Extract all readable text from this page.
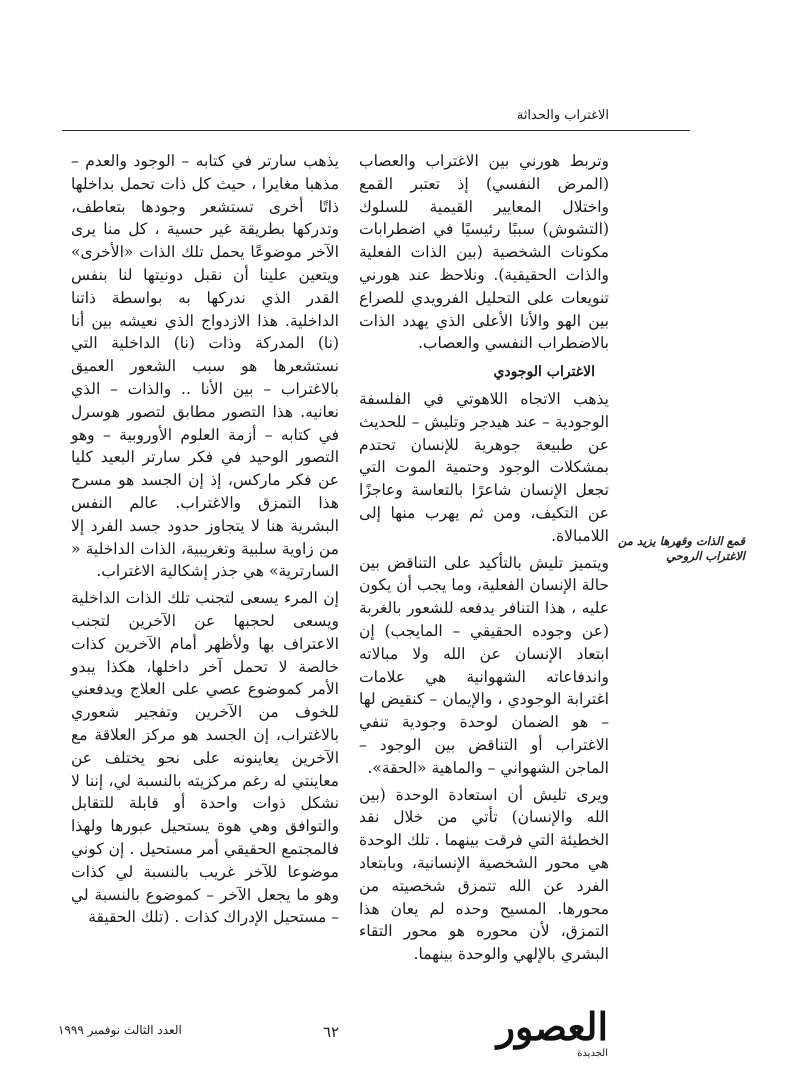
الاغتراب والحداثة

وتربط هورني بين الاغتراب والعصاب (المرض النفسي) إذ تعتبر القمع واختلال المعايير القيمية للسلوك (التشوش) سببًا رئيسيًا في اضطرابات مكونات الشخصية (بين الذات الفعلية والذات الحقيقية). ونلاحظ عند هورني تنويعات على التحليل الفرويدي للصراع بين الهو والأنا الأعلى الذي يهدد الذات بالاضطراب النفسي والعصاب.

الاغتراب الوجودي

يذهب الاتجاه اللاهوتي في الفلسفة الوجودية – عند هيدجر وتليش – للحديث عن طبيعة جوهرية للإنسان تحتدم بمشكلات الوجود وحتمية الموت التي تجعل الإنسان شاعرًا بالتعاسة وعاجزًا عن التكيف، ومن ثم يهرب منها إلى اللامبالاة.

ويتميز تليش بالتأكيد على التناقض بين حالة الإنسان الفعلية، وما يجب أن يكون عليه ، هذا التنافر يدفعه للشعور بالغربة (عن وجوده الحقيقي – المايجب) إن ابتعاد الإنسان عن الله ولا مبالاته واندفاعاته الشهوانية هي علامات اغترابة الوجودي ، والإيمان – كنقيض لها – هو الضمان لوحدة وجودية تنفي الاغتراب أو التناقض بين الوجود – الماجن الشهواني – والماهية «الحقة».

ويرى تليش أن استعادة الوحدة (بين الله والإنسان) تأتي من خلال نقد الخطيئة التي فرقت بينهما . تلك الوحدة هي محور الشخصية الإنسانية، وبابتعاد الفرد عن الله تتمزق شخصيته من محورها. المسيح وحده لم يعان هذا التمزق، لأن محوره هو محور التقاء البشري بالإلهي والوحدة بينهما.

يذهب سارتر في كتابه – الوجود والعدم – مذهبا مغايرا ، حيث كل ذات تحمل بداخلها ذاتًا أخرى تستشعر وجودها بتعاطف، وتدركها بطريقة غير حسية ، كل منا يرى الآخر موضوعًا يحمل تلك الذات «الأخرى» ويتعين علينا أن نقبل دونيتها لنا بنفس القدر الذي ندركها به بواسطة ذاتنا الداخلية. هذا الازدواج الذي نعيشه بين أنا (نا) المدركة وذات (نا) الداخلية التي نستشعرها هو سبب الشعور العميق بالاغتراب – بين الأنا .. والذات – الذي نعانيه. هذا التصور مطابق لتصور هوسرل في كتابه – أزمة العلوم الأوروبية – وهو التصور الوحيد في فكر سارتر البعيد كليا عن فكر ماركس، إذ إن الجسد هو مسرح هذا التمزق والاغتراب. عالم النفس البشرية هنا لا يتجاوز حدود جسد الفرد إلا من زاوية سلبية وتغريبية، الذات الداخلية « السارترية» هي جذر إشكالية الاغتراب.

إن المرء يسعى لتجنب تلك الذات الداخلية ويسعى لحجبها عن الآخرين لتجنب الاعتراف بها ولأظهر أمام الآخرين كذات خالصة لا تحمل آخر داخلها، هكذا يبدو الأمر كموضوع عصي على العلاج ويدفعني للخوف من الآخرين وتفجير شعوري بالاغتراب، إن الجسد هو مركز العلاقة مع الآخرين يعاينونه على نحو يختلف عن معاينتي له رغم مركزيته بالنسبة لي، إننا لا نشكل ذوات واحدة أو قابلة للتقابل والتوافق وهي هوة يستحيل عبورها ولهذا فالمجتمع الحقيقي أمر مستحيل . إن كوني موضوعا للآخر غريب بالنسبة لي كذات وهو ما يجعل الآخر – كموضوع بالنسبة لي – مستحيل الإدراك كذات . (تلك الحقيقة

قمع الذات وقهرها يزيد من الاغتراب الروحي
العصور
الجديدة
٦٢
العدد الثالث نوفمبر ١٩٩٩
